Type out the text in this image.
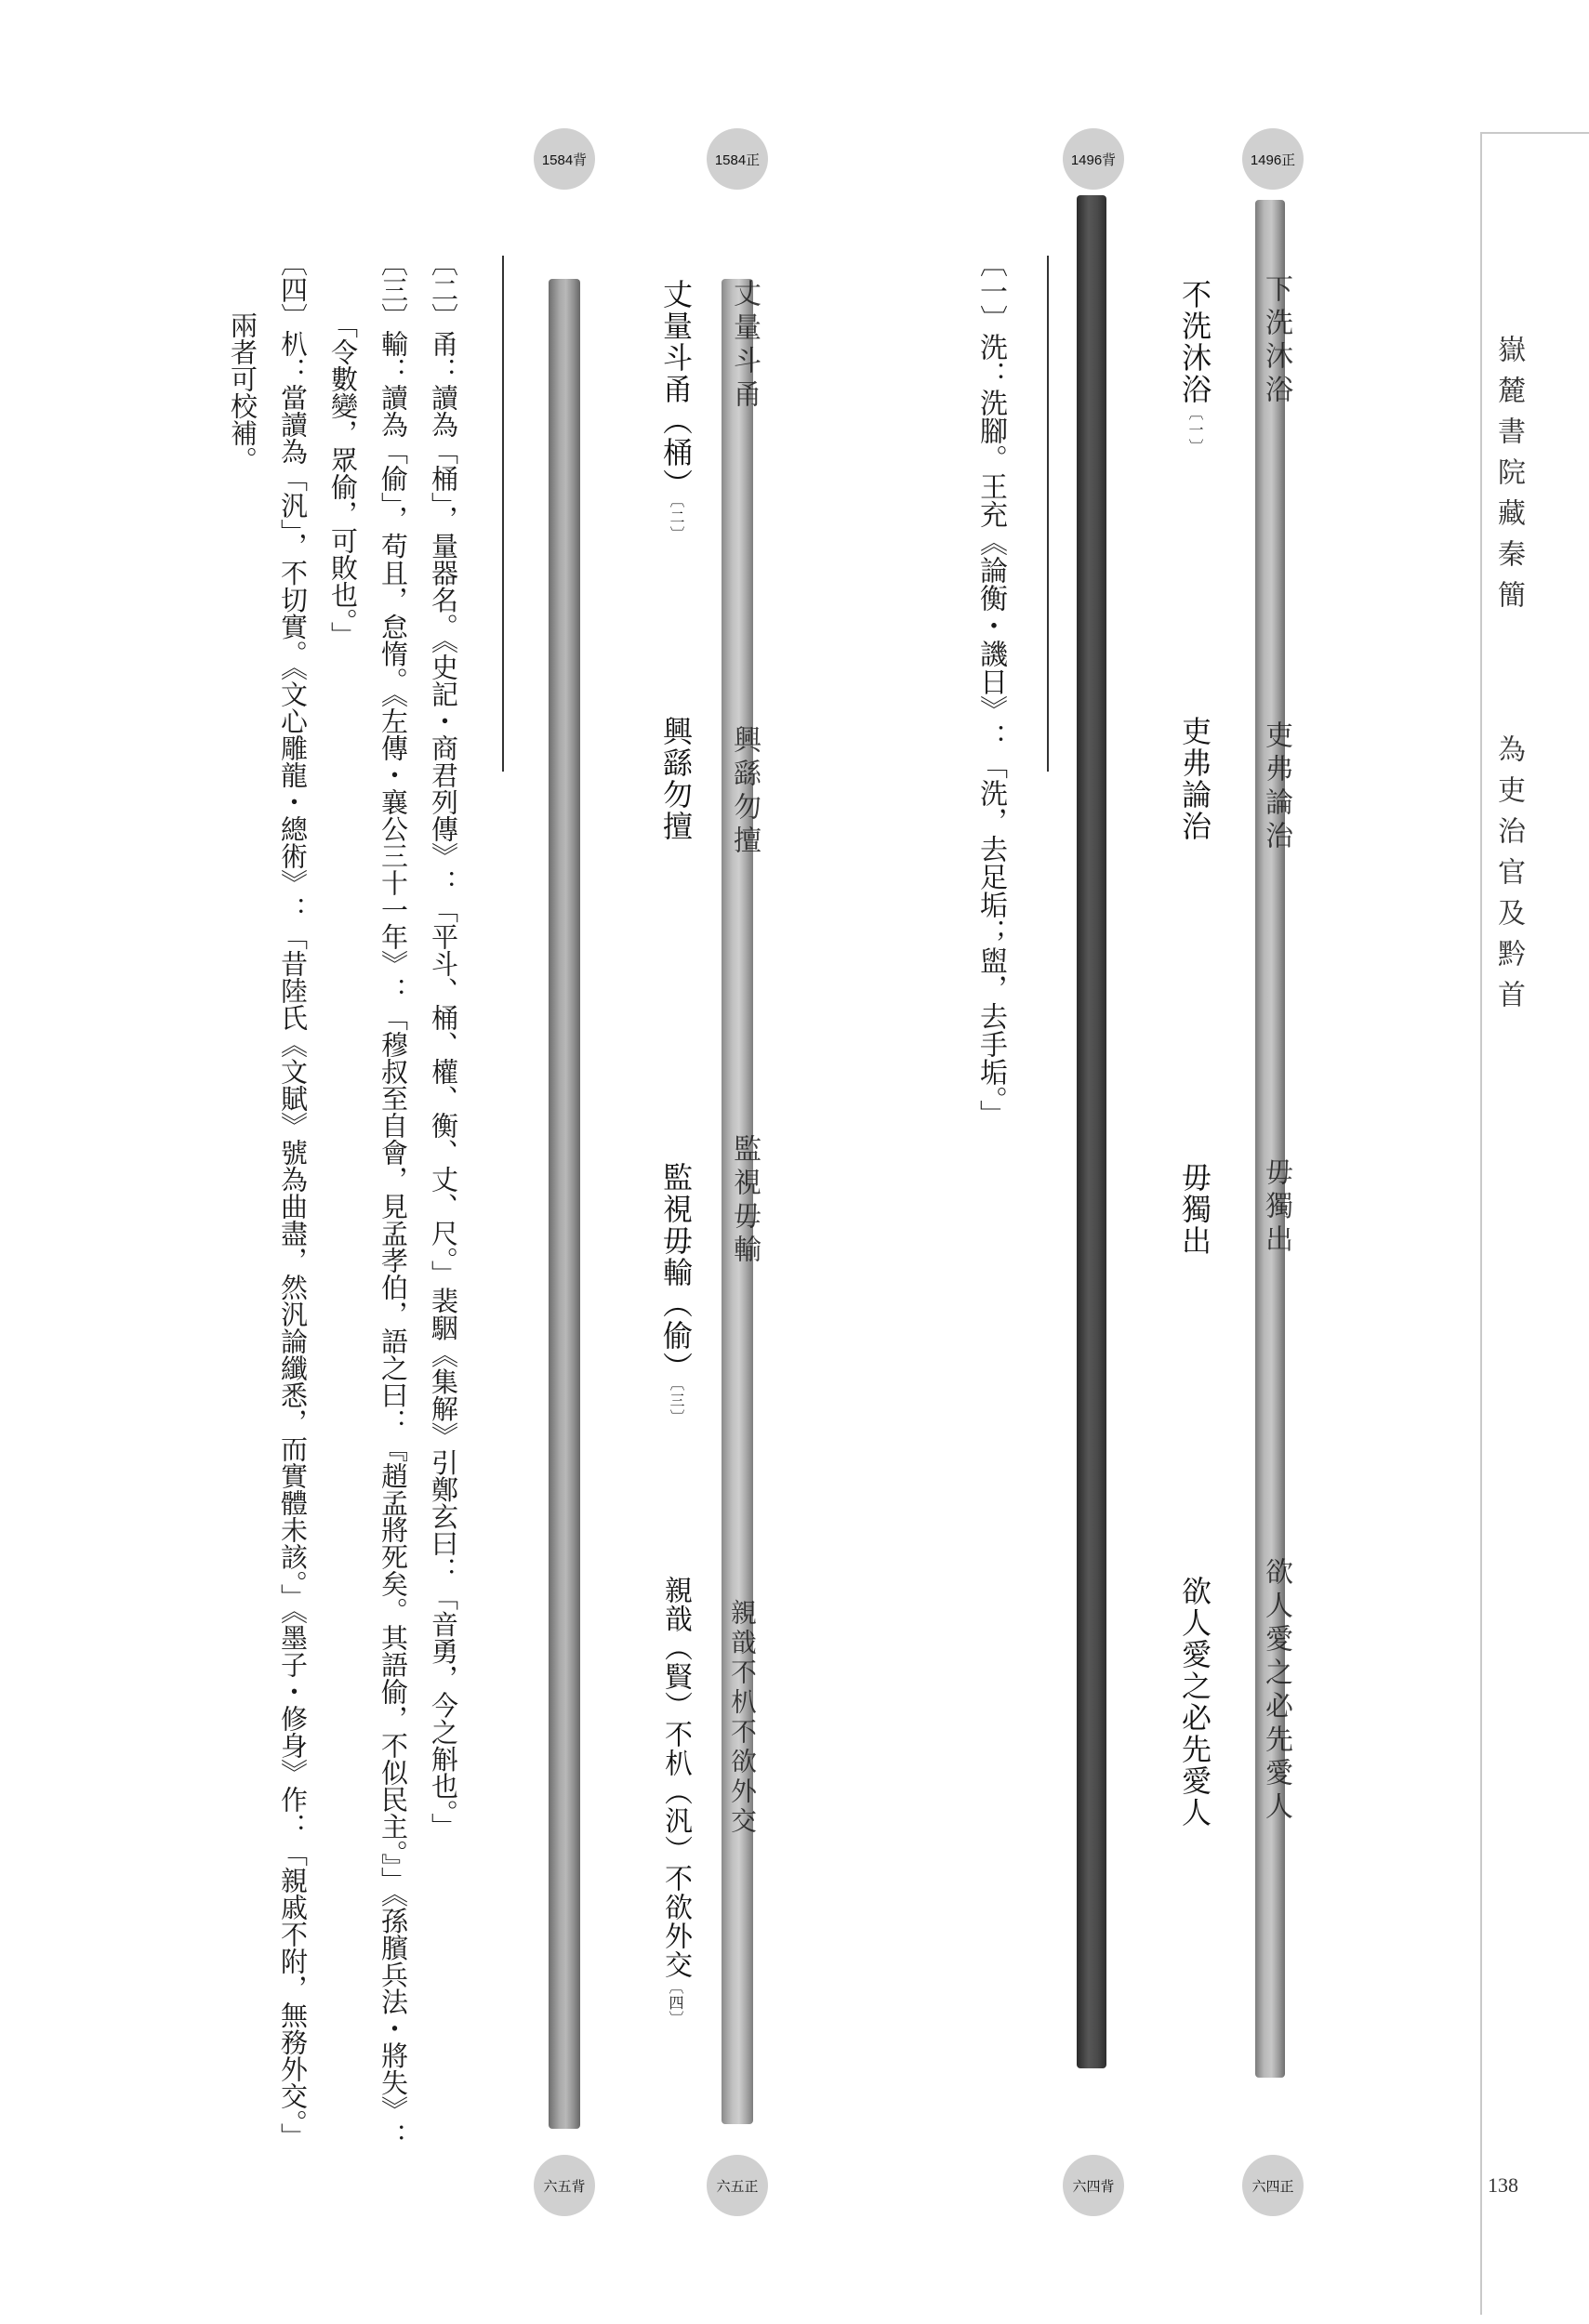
嶽麓書院藏秦簡
為吏治官及黔首
138
1496正
1496背
1584正
1584背
六四正
六四背
六五正
六五背
下洗沐浴
吏弗論治
毋獨出
欲人愛之必先愛人
丈量斗甬
興繇勿擅
監視毋輸
親戠不朳不欲外交
不洗沐浴〔一〕
吏弗論治
毋獨出
欲人愛之必先愛人
〔一〕洗：洗腳。王充《論衡・譏日》：「洗，去足垢；盥，去手垢。」
丈量斗甬（桶）〔二〕
興繇勿擅
監視毋輸（偷）〔三〕
親戠（賢）不朳（汎）不欲外交〔四〕
〔二〕甬：讀為「桶」，量器名。《史記・商君列傳》：「平斗、桶、權、衡、丈、尺。」裴駰《集解》引鄭玄曰：「音勇，今之斛也。」
〔三〕輸：讀為「偷」，苟且，怠惰。《左傳・襄公三十一年》：「穆叔至自會，見孟孝伯，語之曰：『趙孟將死矣。其語偷，不似民主。』」《孫臏兵法・將失》：
「令數變，眾偷，可敗也。」
〔四〕朳：當讀為「汎」，不切實。《文心雕龍・總術》：「昔陸氏《文賦》號為曲盡，然汎論纖悉，而實體未該。」《墨子・修身》作：「親戚不附，無務外交。」
兩者可校補。
